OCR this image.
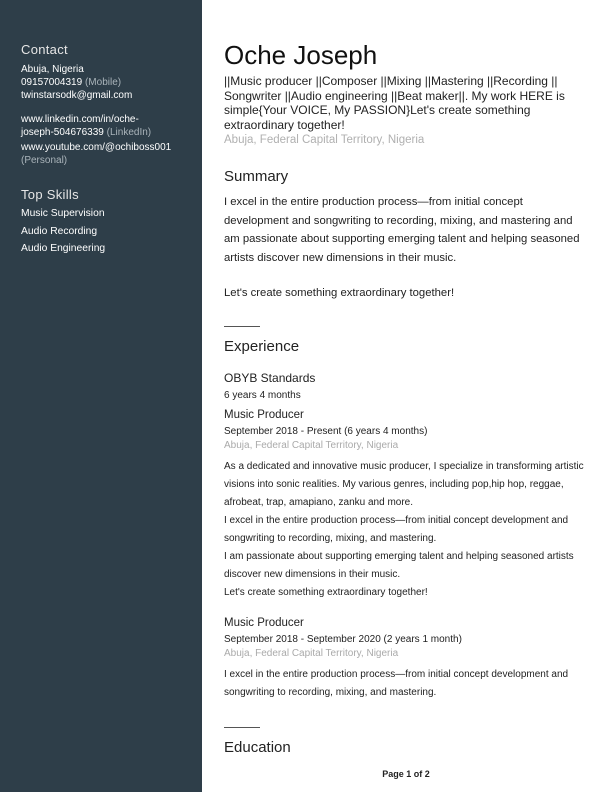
Contact
Abuja, Nigeria
09157004319 (Mobile)
twinstarsodk@gmail.com
www.linkedin.com/in/oche-
joseph-504676339 (LinkedIn)
www.youtube.com/@ochiboss001
(Personal)
Top Skills
Music Supervision
Audio Recording
Audio Engineering
Oche Joseph
||Music producer ||Composer ||Mixing ||Mastering ||Recording || Songwriter ||Audio engineering ||Beat maker||. My work HERE is simple{Your VOICE, My PASSION}Let's create something extraordinary together!
Abuja, Federal Capital Territory, Nigeria
Summary
I excel in the entire production process—from initial concept development and songwriting to recording, mixing, and mastering and am passionate about supporting emerging talent and helping seasoned artists discover new dimensions in their music.
Let's create something extraordinary together!
Experience
OBYB Standards
6 years 4 months
Music Producer
September 2018 - Present (6 years 4 months)
Abuja, Federal Capital Territory, Nigeria
As a dedicated and innovative music producer, I specialize in transforming artistic visions into sonic realities. My various genres, including pop,hip hop, reggae, afrobeat, trap, amapiano, zanku and more.
I excel in the entire production process—from initial concept development and songwriting to recording, mixing, and mastering.
I am passionate about supporting emerging talent and helping seasoned artists discover new dimensions in their music.
Let's create something extraordinary together!
Music Producer
September 2018 - September 2020 (2 years 1 month)
Abuja, Federal Capital Territory, Nigeria
I excel in the entire production process—from initial concept development and songwriting to recording, mixing, and mastering.
Education
Page 1 of 2
